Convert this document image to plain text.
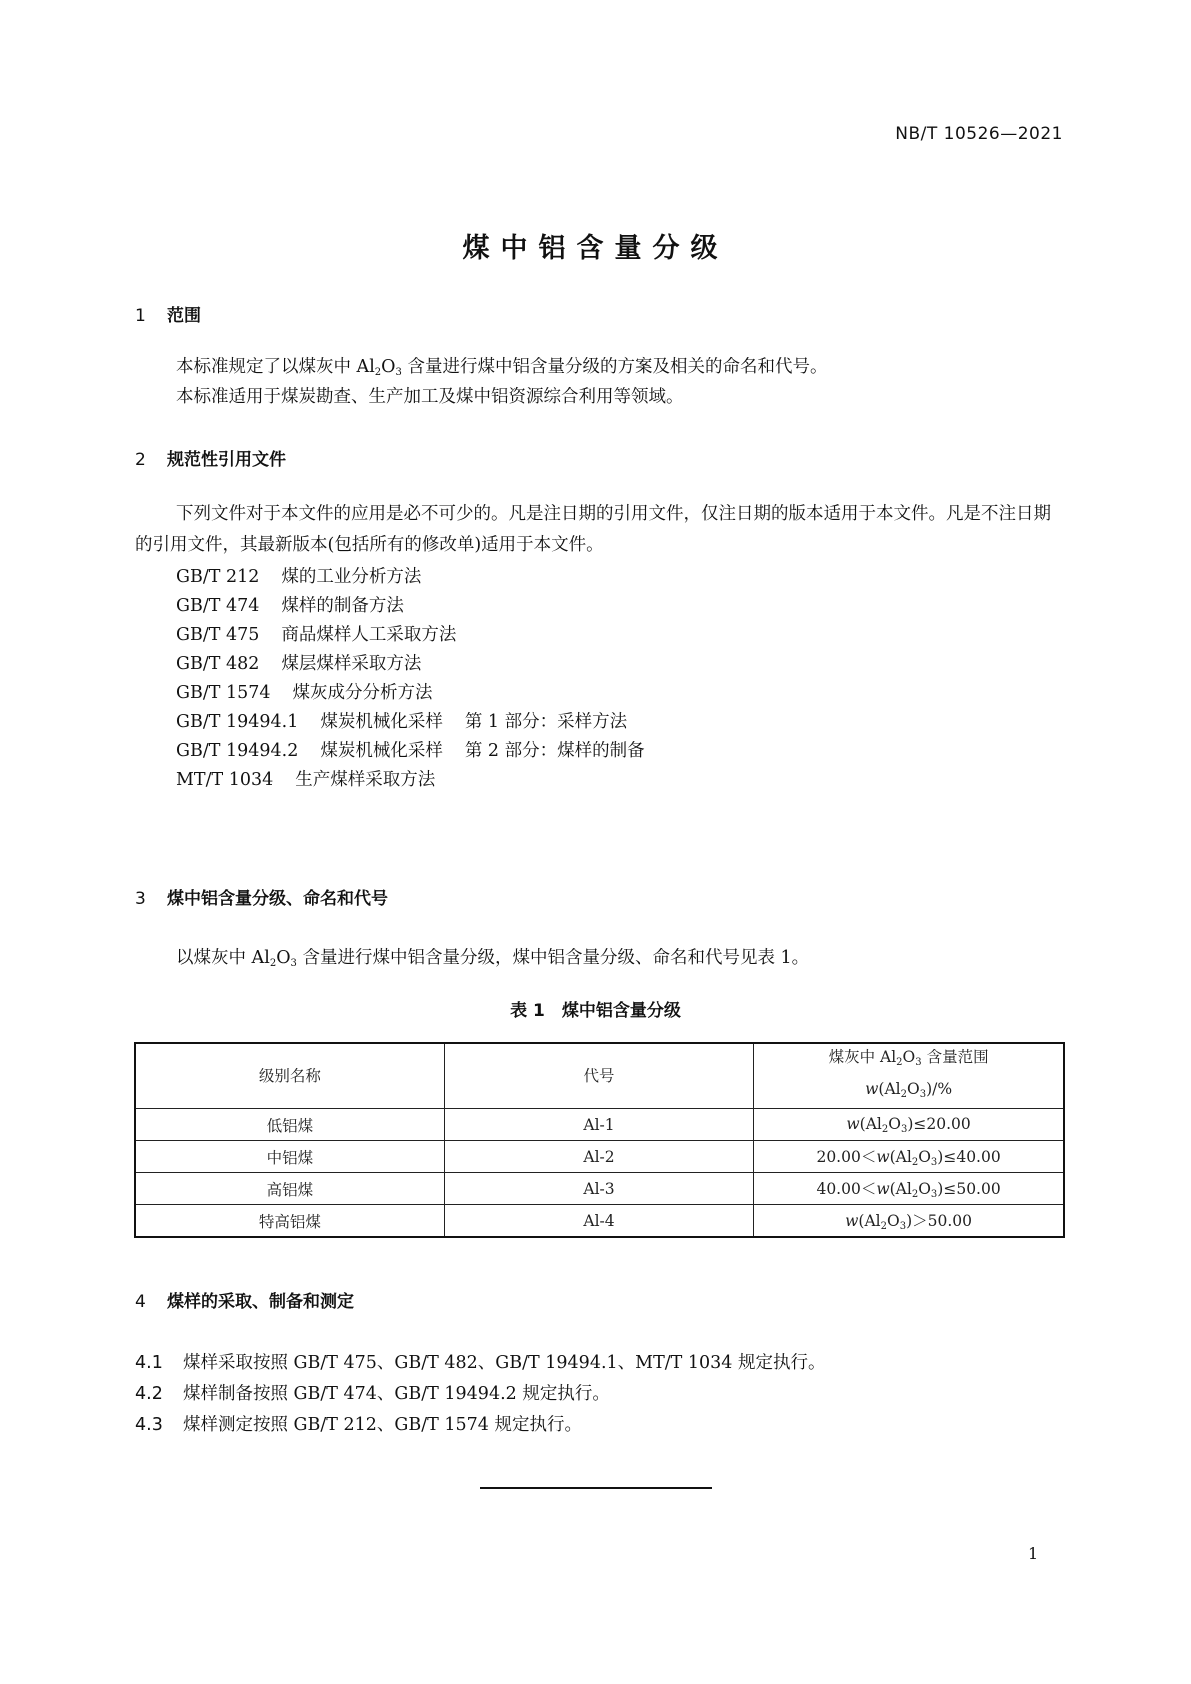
NB/T 10526—2021
煤中铝含量分级
1 范围
本标准规定了以煤灰中 $Al_2O_3$ 含量进行煤中铝含量分级的方案及相关的命名和代号。
本标准适用于煤炭勘查、生产加工及煤中铝资源综合利用等领域。
2 规范性引用文件
下列文件对于本文件的应用是必不可少的。凡是注日期的引用文件，仅注日期的版本适用于本文件。凡是不注日期的引用文件，其最新版本(包括所有的修改单)适用于本文件。
GB/T 212 煤的工业分析方法
GB/T 474 煤样的制备方法
GB/T 475 商品煤样人工采取方法
GB/T 482 煤层煤样采取方法
GB/T 1574 煤灰成分分析方法
GB/T 19494.1 煤炭机械化采样 第 1 部分：采样方法
GB/T 19494.2 煤炭机械化采样 第 2 部分：煤样的制备
MT/T 1034 生产煤样采取方法
3 煤中铝含量分级、命名和代号
以煤灰中 $Al_2O_3$ 含量进行煤中铝含量分级，煤中铝含量分级、命名和代号见表 1。
表 1　煤中铝含量分级
级别名称	代号	煤灰中 $Al_2O_3$ 含量范围
$w(Al_2O_3)/\%$

低铝煤	Al-1	$w(Al_2O_3)\le 20.00$
中铝煤	Al-2	$20.00<w(Al_2O_3)\le 40.00$
高铝煤	Al-3	$40.00<w(Al_2O_3)\le 50.00$
特高铝煤	Al-4	$w(Al_2O_3)>50.00$
4 煤样的采取、制备和测定
4.1 煤样采取按照 GB/T 475、GB/T 482、GB/T 19494.1、MT/T 1034 规定执行。
4.2 煤样制备按照 GB/T 474、GB/T 19494.2 规定执行。
4.3 煤样测定按照 GB/T 212、GB/T 1574 规定执行。
1
